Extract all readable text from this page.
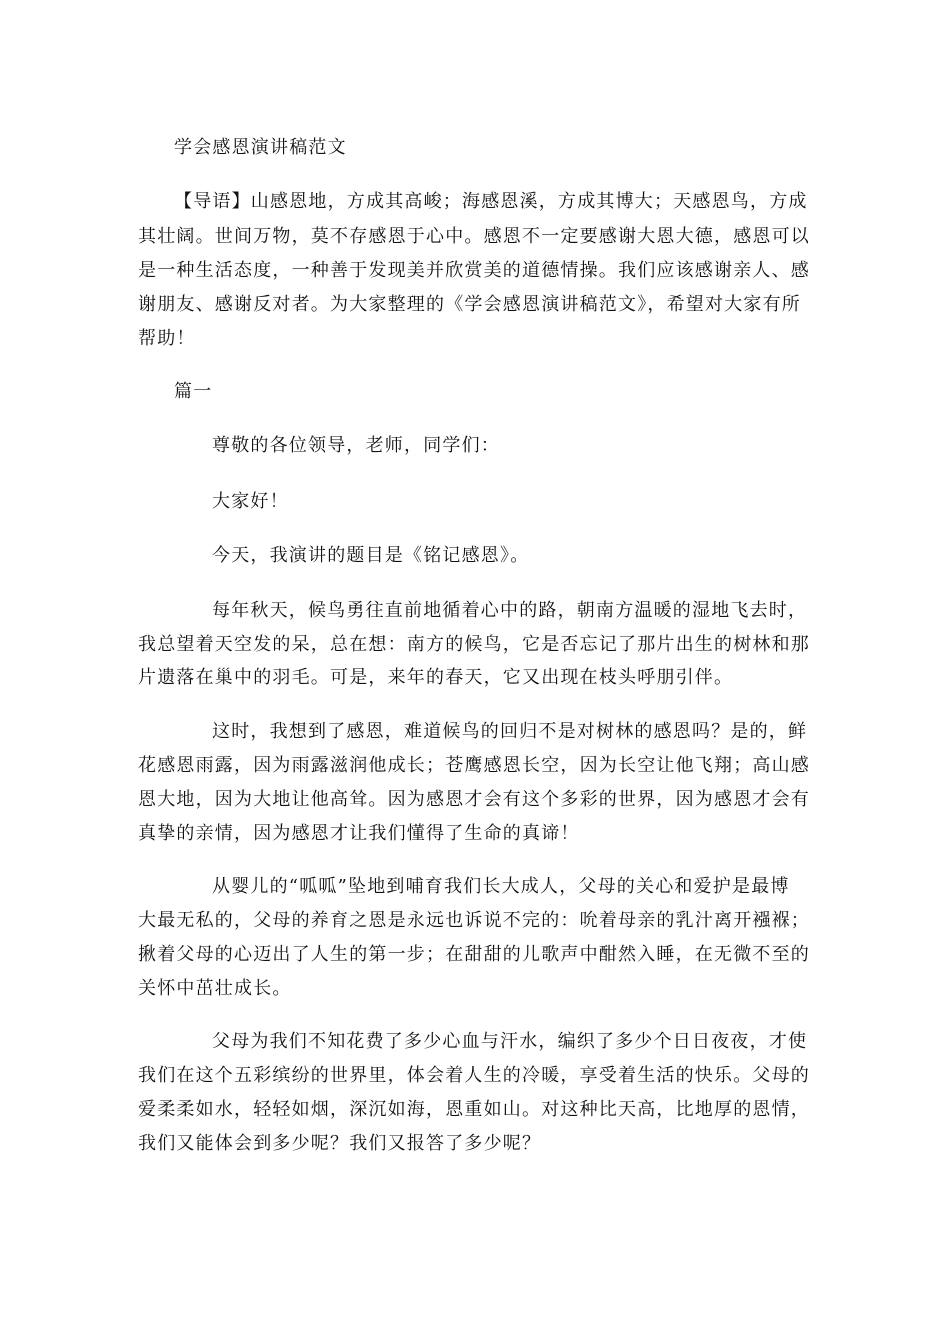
学会感恩演讲稿范文
【导语】山感恩地，方成其高峻；海感恩溪，方成其博大；天感恩鸟，方成
其壮阔。世间万物，莫不存感恩于心中。感恩不一定要感谢大恩大德，感恩可以
是一种生活态度，一种善于发现美并欣赏美的道德情操。我们应该感谢亲人、感
谢朋友、感谢反对者。为大家整理的《学会感恩演讲稿范文》，希望对大家有所
帮助！
篇一
尊敬的各位领导，老师，同学们：
大家好！
今天，我演讲的题目是《铭记感恩》。
每年秋天，候鸟勇往直前地循着心中的路，朝南方温暖的湿地飞去时，
我总望着天空发的呆，总在想：南方的候鸟，它是否忘记了那片出生的树林和那
片遗落在巢中的羽毛。可是，来年的春天，它又出现在枝头呼朋引伴。
这时，我想到了感恩，难道候鸟的回归不是对树林的感恩吗？是的，鲜
花感恩雨露，因为雨露滋润他成长；苍鹰感恩长空，因为长空让他飞翔；高山感
恩大地，因为大地让他高耸。因为感恩才会有这个多彩的世界，因为感恩才会有
真挚的亲情，因为感恩才让我们懂得了生命的真谛！
从婴儿的“呱呱”坠地到哺育我们长大成人，父母的关心和爱护是最博
大最无私的，父母的养育之恩是永远也诉说不完的：吮着母亲的乳汁离开襁褓；
揪着父母的心迈出了人生的第一步；在甜甜的儿歌声中酣然入睡，在无微不至的
关怀中茁壮成长。
父母为我们不知花费了多少心血与汗水，编织了多少个日日夜夜，才使
我们在这个五彩缤纷的世界里，体会着人生的冷暖，享受着生活的快乐。父母的
爱柔柔如水，轻轻如烟，深沉如海，恩重如山。对这种比天高，比地厚的恩情，
我们又能体会到多少呢？我们又报答了多少呢？
